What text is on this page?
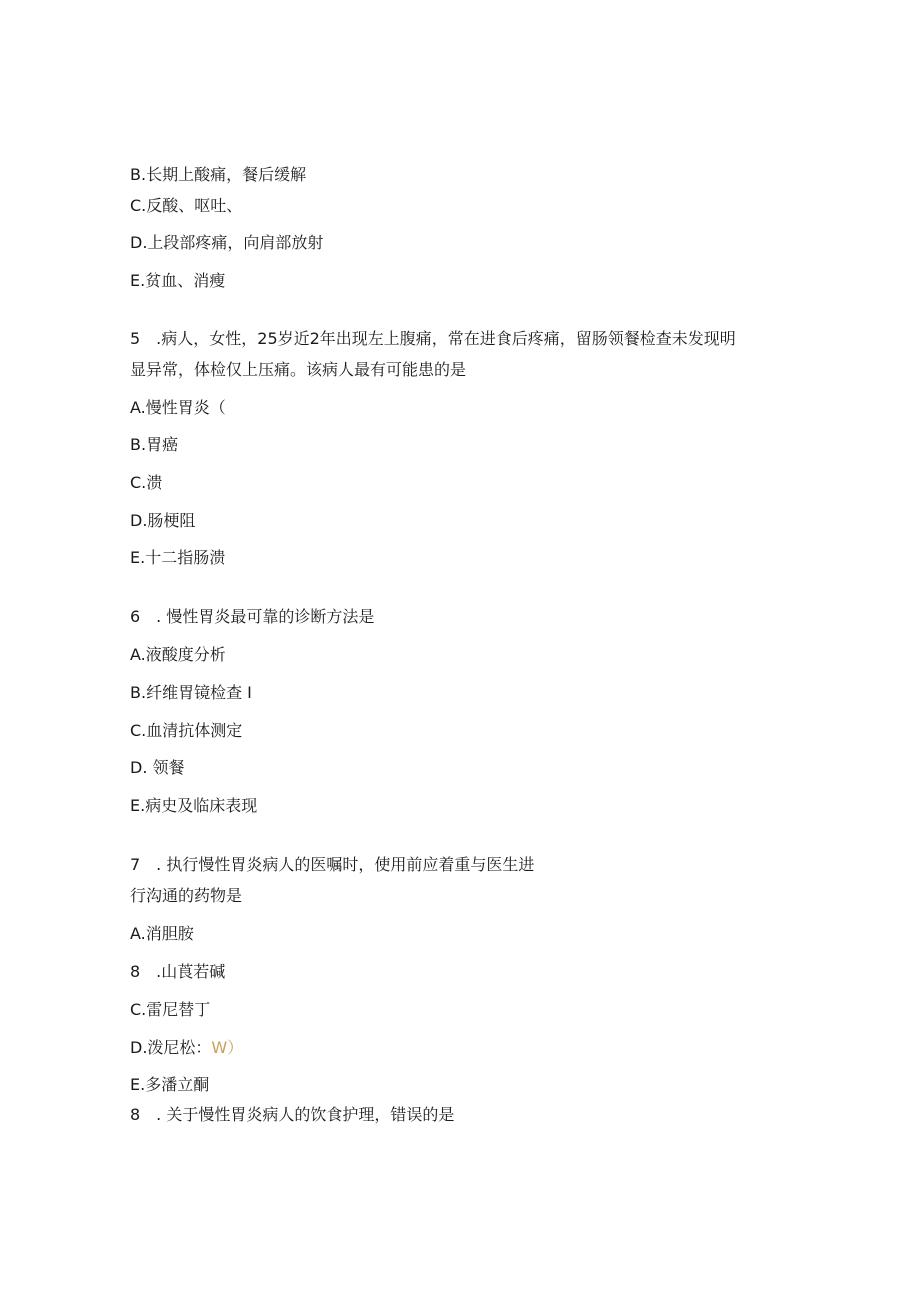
B.长期上酸痛，餐后缓解
C.反酸、呕吐、
D.上段部疼痛，向肩部放射
E.贫血、消瘦
5　.病人，女性，25岁近2年出现左上腹痛，常在进食后疼痛，留肠领餐检查未发现明
显异常，体检仅上压痛。该病人最有可能患的是
A.慢性胃炎（
B.胃癌
C.溃
D.肠梗阻
E.十二指肠溃
6　. 慢性胃炎最可靠的诊断方法是
A.液酸度分析
B.纤维胃镜检查 I
C.血清抗体测定
D. 领餐
E.病史及临床表现
7　. 执行慢性胃炎病人的医嘱时，使用前应着重与医生进
行沟通的药物是
A.消胆胺
8　.山莨若碱
C.雷尼替丁
D.泼尼松：W）
E.多潘立酮
8　. 关于慢性胃炎病人的饮食护理，错误的是
